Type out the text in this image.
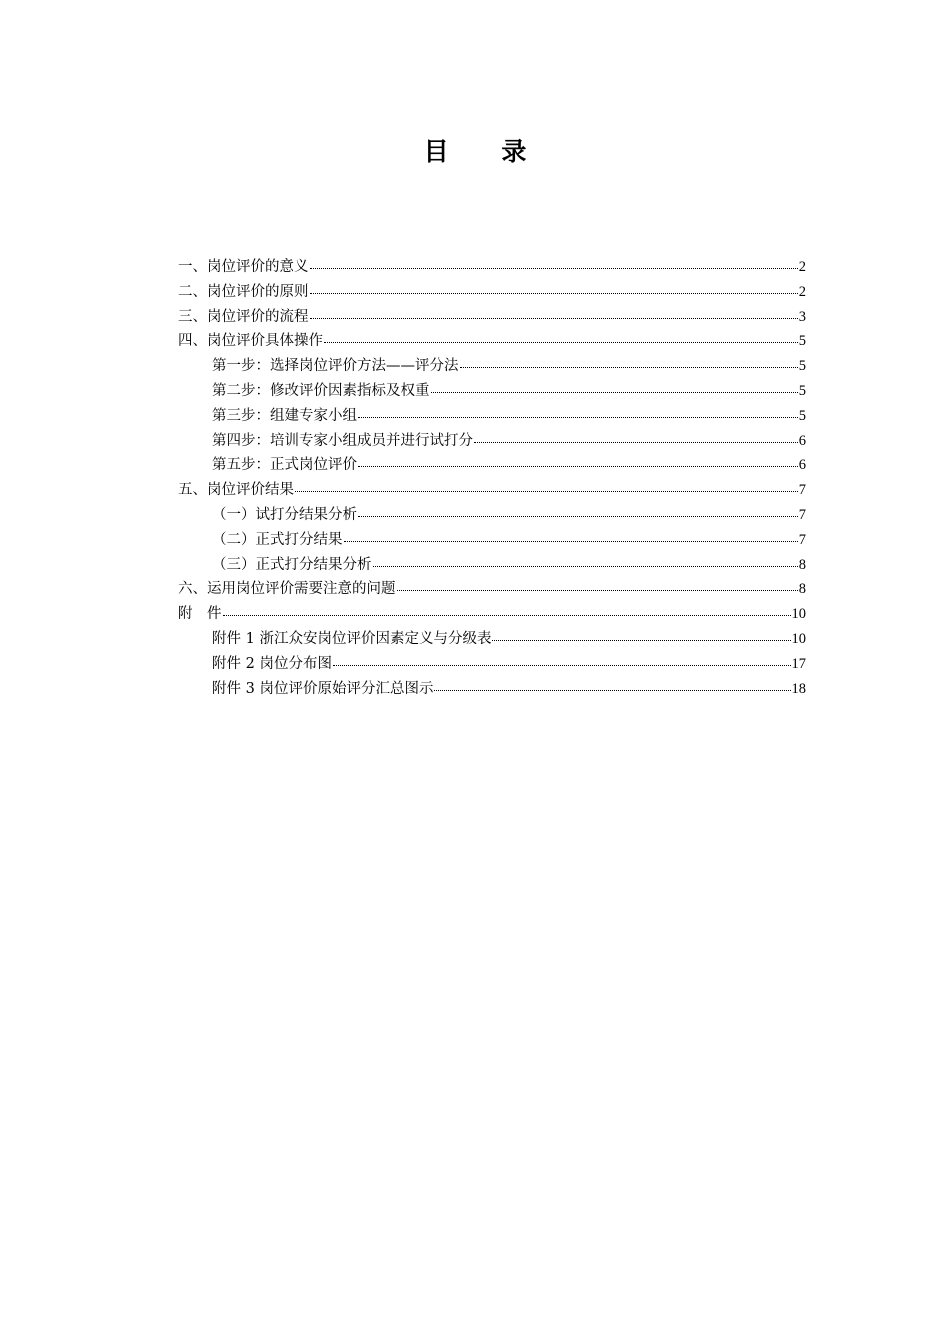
目 录
一、岗位评价的意义	2
二、岗位评价的原则	2
三、岗位评价的流程	3
四、岗位评价具体操作	5
第一步：选择岗位评价方法——评分法	5
第二步：修改评价因素指标及权重	5
第三步：组建专家小组	5
第四步：培训专家小组成员并进行试打分	6
第五步：正式岗位评价	6
五、岗位评价结果	7
（一）试打分结果分析	7
（二）正式打分结果	7
（三）正式打分结果分析	8
六、运用岗位评价需要注意的问题	8
附　件	10
附件 1 浙江众安岗位评价因素定义与分级表	10
附件 2 岗位分布图	17
附件 3 岗位评价原始评分汇总图示	18
